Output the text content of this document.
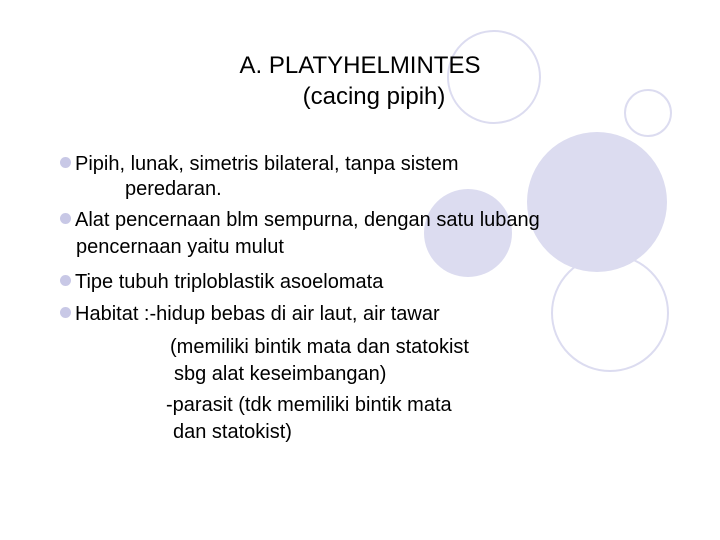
A. PLATYHELMINTES
(cacing pipih)
Pipih, lunak, simetris bilateral, tanpa sistem
peredaran.
Alat pencernaan blm sempurna, dengan satu lubang
pencernaan yaitu mulut
Tipe tubuh triploblastik asoelomata
Habitat :-hidup bebas di air laut, air tawar
(memiliki bintik mata dan statokist
sbg alat keseimbangan)
-parasit (tdk memiliki bintik mata
dan statokist)
